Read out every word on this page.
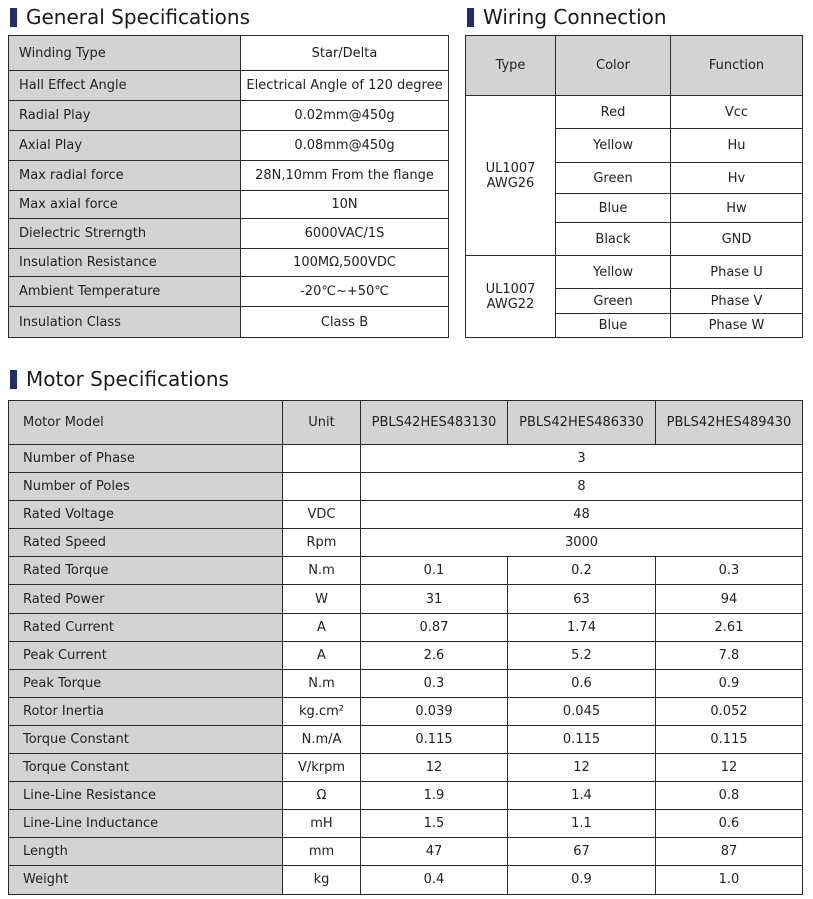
General Specifications
Winding Type	Star/Delta
Hall Effect Angle	Electrical Angle of 120 degree
Radial Play	0.02mm@450g
Axial Play	0.08mm@450g
Max radial force	28N,10mm From the flange
Max axial force	10N
Dielectric Strerngth	6000VAC/1S
Insulation Resistance	100MΩ,500VDC
Ambient Temperature	-20℃~+50℃
Insulation Class	Class B
Wiring Connection
Type	Color	Function
UL1007
AWG26	Red	Vcc
	Yellow	Hu
	Green	Hv
	Blue	Hw
	Black	GND
UL1007
AWG22	Yellow	Phase U
	Green	Phase V
	Blue	Phase W
Motor Specifications
Motor Model	Unit	PBLS42HES483130	PBLS42HES486330	PBLS42HES489430
Number of Phase		3		
Number of Poles		8		
Rated Voltage	VDC	48		
Rated Speed	Rpm	3000		
Rated Torque	N.m	0.1	0.2	0.3
Rated Power	W	31	63	94
Rated Current	A	0.87	1.74	2.61
Peak Current	A	2.6	5.2	7.8
Peak Torque	N.m	0.3	0.6	0.9
Rotor Inertia	kg.cm²	0.039	0.045	0.052
Torque Constant	N.m/A	0.115	0.115	0.115
Torque Constant	V/krpm	12	12	12
Line-Line Resistance	Ω	1.9	1.4	0.8
Line-Line Inductance	mH	1.5	1.1	0.6
Length	mm	47	67	87
Weight	kg	0.4	0.9	1.0
